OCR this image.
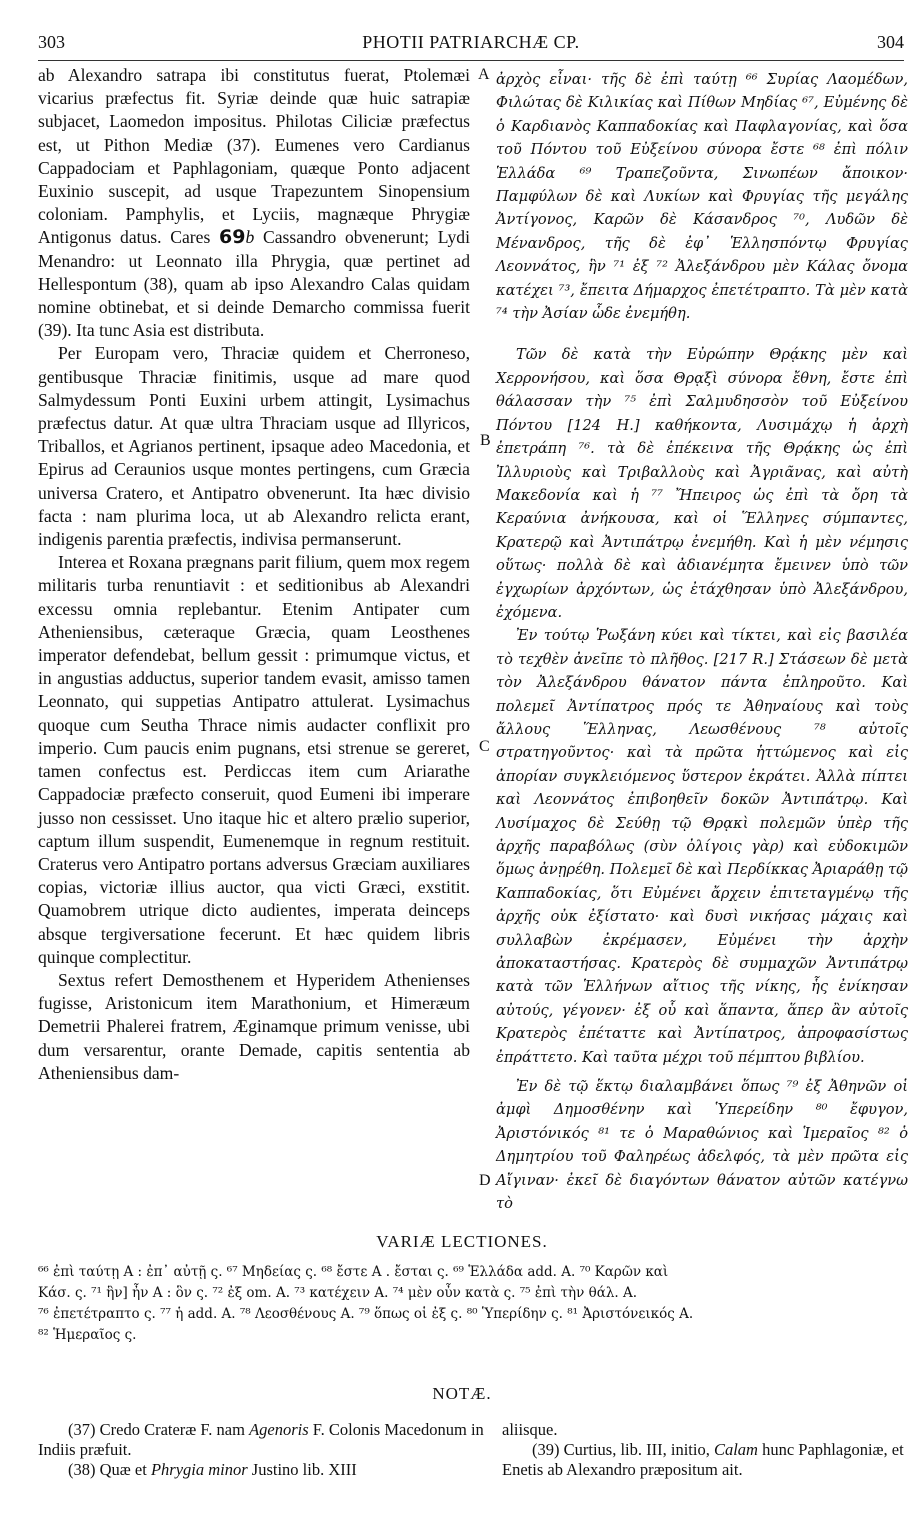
303	PHOTII PATRIARCHÆ CP.	304
A
B
C
D

ab Alexandro satrapa ibi constitutus fuerat, Ptolemæi vicarius præfectus fit. Syriæ deinde quæ huic satrapiæ subjacet, Laomedon impositus. Philotas Ciliciæ præfectus est, ut Pithon Mediæ (37). Eumenes vero Cardianus Cappadociam et Paphlagoniam, quæque Ponto adjacent Euxinio suscepit, ad usque Trapezuntem Sinopensium coloniam. Pamphylis, et Lyciis, magnæque Phrygiæ Antigonus datus. Cares 69b Cassandro obvenerunt; Lydi Menandro: ut Leonnato illa Phrygia, quæ pertinet ad Hellespontum (38), quam ab ipso Alexandro Calas quidam nomine obtinebat, et si deinde Demarcho commissa fuerit (39). Ita tunc Asia est distributa.

Per Europam vero, Thraciæ quidem et Cherroneso, gentibusque Thraciæ finitimis, usque ad mare quod Salmydessum Ponti Euxini urbem attingit, Lysimachus præfectus datur. At quæ ultra Thraciam usque ad Illyricos, Triballos, et Agrianos pertinent, ipsaque adeo Macedonia, et Epirus ad Ceraunios usque montes pertingens, cum Græcia universa Cratero, et Antipatro obvenerunt. Ita hæc divisio facta : nam plurima loca, ut ab Alexandro relicta erant, indigenis parentia præfectis, indivisa permanserunt.

Interea et Roxana prægnans parit filium, quem mox regem militaris turba renuntiavit : et seditionibus ab Alexandri excessu omnia replebantur. Etenim Antipater cum Atheniensibus, cæteraque Græcia, quam Leosthenes imperator defendebat, bellum gessit : primumque victus, et in angustias adductus, superior tandem evasit, amisso tamen Leonnato, qui suppetias Antipatro attulerat. Lysimachus quoque cum Seutha Thrace nimis audacter conflixit pro imperio. Cum paucis enim pugnans, etsi strenue se gereret, tamen confectus est. Perdiccas item cum Ariarathe Cappadociæ præfecto conseruit, quod Eumeni ibi imperare jusso non cessisset. Uno itaque hic et altero prælio superior, captum illum suspendit, Eumenemque in regnum restituit. Craterus vero Antipatro portans adversus Græciam auxiliares copias, victoriæ illius auctor, qua victi Græci, exstitit. Quamobrem utrique dicto audientes, imperata deinceps absque tergiversatione fecerunt. Et hæc quidem libris quinque complectitur.

Sextus refert Demosthenem et Hyperidem Athenienses fugisse, Aristonicum item Marathonium, et Himeræum Demetrii Phalerei fratrem, Æginamque primum venisse, ubi dum versarentur, orante Demade, capitis sententia ab Atheniensibus dam-

ἀρχὸς εἶναι· τῆς δὲ ἐπὶ ταύτῃ ⁶⁶ Συρίας Λαομέδων, Φιλώτας δὲ Κιλικίας καὶ Πίθων Μηδίας ⁶⁷, Εὐμένης δὲ ὁ Καρδιανὸς Καππαδοκίας καὶ Παφλαγονίας, καὶ ὅσα τοῦ Πόντου τοῦ Εὐξείνου σύνορα ἔστε ⁶⁸ ἐπὶ πόλιν Ἑλλάδα ⁶⁹ Τραπεζοῦντα, Σινωπέων ἄποικον· Παμφύλων δὲ καὶ Λυκίων καὶ Φρυγίας τῆς μεγάλης Ἀντίγονος, Καρῶν δὲ Κάσανδρος ⁷⁰, Λυδῶν δὲ Μένανδρος, τῆς δὲ ἐφ᾽ Ἑλλησπόντῳ Φρυγίας Λεοννάτος, ἣν ⁷¹ ἐξ ⁷² Ἀλεξάνδρου μὲν Κάλας ὄνομα κατέχει ⁷³, ἔπειτα Δήμαρχος ἐπετέτραπτο. Τὰ μὲν κατὰ ⁷⁴ τὴν Ἀσίαν ὧδε ἐνεμήθη.

Τῶν δὲ κατὰ τὴν Εὐρώπην Θρᾴκης μὲν καὶ Χερρονήσου, καὶ ὅσα Θρᾳξὶ σύνορα ἔθνη, ἔστε ἐπὶ θάλασσαν τὴν ⁷⁵ ἐπὶ Σαλμυδησσὸν τοῦ Εὐξείνου Πόντου [124 H.] καθήκοντα, Λυσιμάχῳ ἡ ἀρχὴ ἐπετράπη ⁷⁶. τὰ δὲ ἐπέκεινα τῆς Θρᾴκης ὡς ἐπὶ Ἰλλυριοὺς καὶ Τριβαλλοὺς καὶ Ἀγριᾶνας, καὶ αὐτὴ Μακεδονία καὶ ἡ ⁷⁷ Ἤπειρος ὡς ἐπὶ τὰ ὄρη τὰ Κεραύνια ἀνήκουσα, καὶ οἱ Ἕλληνες σύμπαντες, Κρατερῷ καὶ Ἀντιπάτρῳ ἐνεμήθη. Καὶ ἡ μὲν νέμησις οὕτως· πολλὰ δὲ καὶ ἀδιανέμητα ἔμεινεν ὑπὸ τῶν ἐγχωρίων ἀρχόντων, ὡς ἐτάχθησαν ὑπὸ Ἀλεξάνδρου, ἐχόμενα.

Ἐν τούτῳ Ῥωξάνη κύει καὶ τίκτει, καὶ εἰς βασιλέα τὸ τεχθὲν ἀνεῖπε τὸ πλῆθος. [217 R.] Στάσεων δὲ μετὰ τὸν Ἀλεξάνδρου θάνατον πάντα ἐπληροῦτο. Καὶ πολεμεῖ Ἀντίπατρος πρός τε Ἀθηναίους καὶ τοὺς ἄλλους Ἕλληνας, Λεωσθένους ⁷⁸ αὐτοῖς στρατηγοῦντος· καὶ τὰ πρῶτα ἡττώμενος καὶ εἰς ἀπορίαν συγκλειόμενος ὕστερον ἐκράτει. Ἀλλὰ πίπτει καὶ Λεοννάτος ἐπιβοηθεῖν δοκῶν Ἀντιπάτρῳ. Καὶ Λυσίμαχος δὲ Σεύθῃ τῷ Θρᾳκὶ πολεμῶν ὑπὲρ τῆς ἀρχῆς παραβόλως (σὺν ὀλίγοις γὰρ) καὶ εὐδοκιμῶν ὅμως ἀνῃρέθη. Πολεμεῖ δὲ καὶ Περδίκκας Ἀριαράθῃ τῷ Καππαδοκίας, ὅτι Εὐμένει ἄρχειν ἐπιτεταγμένῳ τῆς ἀρχῆς οὐκ ἐξίστατο· καὶ δυσὶ νικήσας μάχαις καὶ συλλαβὼν ἐκρέμασεν, Εὐμένει τὴν ἀρχὴν ἀποκαταστήσας. Κρατερὸς δὲ συμμαχῶν Ἀντιπάτρῳ κατὰ τῶν Ἑλλήνων αἴτιος τῆς νίκης, ἧς ἐνίκησαν αὐτούς, γέγονεν· ἐξ οὗ καὶ ἅπαντα, ἅπερ ἂν αὐτοῖς Κρατερὸς ἐπέταττε καὶ Ἀντίπατρος, ἀπροφασίστως ἐπράττετο. Καὶ ταῦτα μέχρι τοῦ πέμπτου βιβλίου.

Ἐν δὲ τῷ ἕκτῳ διαλαμβάνει ὅπως ⁷⁹ ἐξ Ἀθηνῶν οἱ ἀμφὶ Δημοσθένην καὶ Ὑπερείδην ⁸⁰ ἔφυγον, Ἀριστόνικός ⁸¹ τε ὁ Μαραθώνιος καὶ Ἱμεραῖος ⁸² ὁ Δημητρίου τοῦ Φαληρέως ἀδελφός, τὰ μὲν πρῶτα εἰς Αἴγιναν· ἐκεῖ δὲ διαγόντων θάνατον αὐτῶν κατέγνω τὸ

VARIÆ LECTIONES.

⁶⁶ ἐπὶ ταύτῃ A : ἐπ᾽ αὐτῇ ς. ⁶⁷ Μηδείας ς. ⁶⁸ ἔστε A . ἔσται ς. ⁶⁹ Ἑλλάδα add. A. ⁷⁰ Καρῶν καὶ

Κάσ. ς. ⁷¹ ἣν] ἦν A : ὃν ς. ⁷² ἐξ om. A. ⁷³ κατέχειν A. ⁷⁴ μὲν οὖν κατὰ ς. ⁷⁵ ἐπὶ τὴν θάλ. A.

⁷⁶ ἐπετέτραπτο ς. ⁷⁷ ἡ add. A. ⁷⁸ Λεοσθένους A. ⁷⁹ ὅπως οἱ ἐξ ς. ⁸⁰ Ὑπερίδην ς. ⁸¹ Ἀριστόνεικός A.

⁸² Ἡμεραῖος ς.

NOTÆ.

(37) Credo Crateræ F. nam Agenoris F. Colonis Macedonum in Indiis præfuit.

(38) Quæ et Phrygia minor Justino lib. XIII

aliisque.

(39) Curtius, lib. III, initio, Calam hunc Paphlagoniæ, et Enetis ab Alexandro præpositum ait.
